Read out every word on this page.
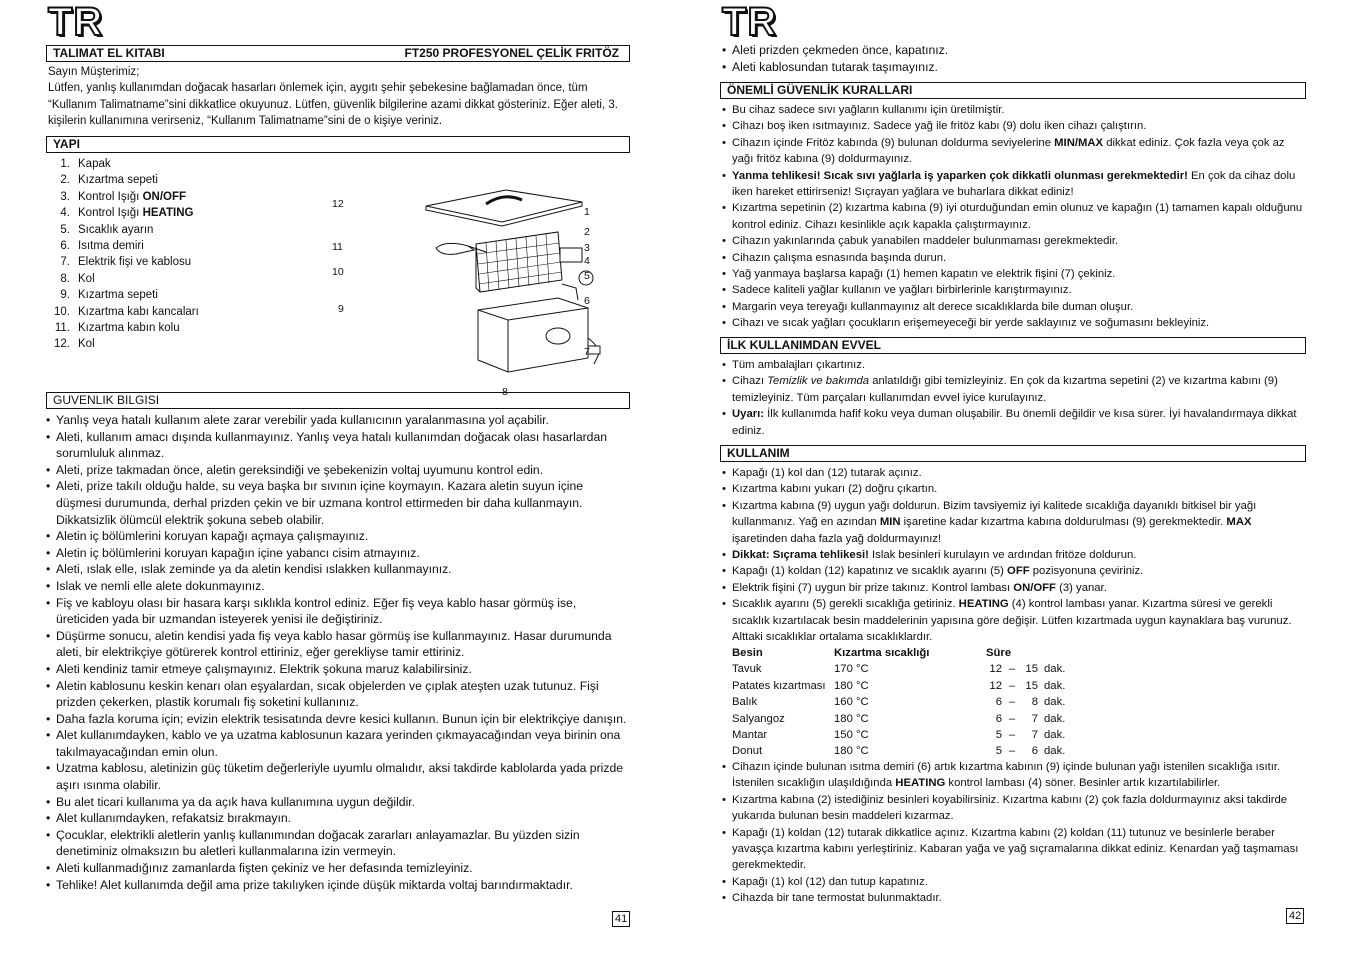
TR
TALIMAT EL KITABI	FT250 PROFESYONEL ÇELİK FRITÖZ
Sayın Müşterimiz;
Lütfen, yanlış kullanımdan doğacak hasarları önlemek için, aygıtı şehir şebekesine bağlamadan önce, tüm “Kullanım Talimatname”sini dikkatlice okuyunuz. Lütfen, güvenlik bilgilerine azami dikkat gösteriniz. Eğer aleti, 3. kişilerin kullanımına verirseniz, “Kullanım Talimatname”sini de o kişiye veriniz.
YAPI
1. Kapak
2. Kızartma sepeti
3. Kontrol Işığı ON/OFF
4. Kontrol Işığı HEATING
5. Sıcaklık ayarın
6. Isıtma demiri
7. Elektrik fişi ve kablosu
8. Kol
9. Kızartma sepeti
10. Kızartma kabı kancaları
11. Kızartma kabın kolu
12. Kol
12
1
2
3
4
5
11
10
6
9
7
8
GUVENLIK BILGISI
• Yanlış veya hatalı kullanım alete zarar verebilir yada kullanıcının yaralanmasına yol açabilir.
• Aleti, kullanım amacı dışında kullanmayınız. Yanlış veya hatalı kullanımdan doğacak olası hasarlardan sorumluluk alınmaz.
• Aleti, prize takmadan önce, aletin gereksindiği ve şebekenizin voltaj uyumunu kontrol edin.
• Aleti, prize takılı olduğu halde, su veya başka bır sıvının içine koymayın. Kazara aletin suyun içine düşmesi durumunda, derhal prizden çekin ve bir uzmana kontrol ettirmeden bir daha kullanmayın. Dikkatsizlik ölümcül elektrik şokuna sebeb olabilir.
• Aletin iç bölümlerini koruyan kapağı açmaya çalışmayınız.
• Aletin iç bölümlerini koruyan kapağın içine yabancı cisim atmayınız.
• Aleti, ıslak elle, ıslak zeminde ya da aletin kendisi ıslakken kullanmayınız.
• Islak ve nemli elle alete dokunmayınız.
• Fiş ve kabloyu olası bir hasara karşı sıklıkla kontrol ediniz. Eğer fiş veya kablo hasar görmüş ise, üreticiden yada bir uzmandan isteyerek yenisi ile değiştiriniz.
• Düşürme sonucu, aletin kendisi yada fiş veya kablo hasar görmüş ise kullanmayınız. Hasar durumunda aleti, bir elektrikçiye götürerek kontrol ettiriniz, eğer gerekliyse tamir ettiriniz.
• Aleti kendiniz tamir etmeye çalışmayınız. Elektrik şokuna maruz kalabilirsiniz.
• Aletin kablosunu keskin kenarı olan eşyalardan, sıcak objelerden ve çıplak ateşten uzak tutunuz. Fişi prizden çekerken, plastik korumalı fiş soketini kullanınız.
• Daha fazla koruma için; evizin elektrik tesisatında devre kesici kullanın. Bunun için bir elektrikçiye danışın.
• Alet kullanımdayken, kablo ve ya uzatma kablosunun kazara yerinden çıkmayacağından veya birinin ona takılmayacağından emin olun.
• Uzatma kablosu, aletinizin güç tüketim değerleriyle uyumlu olmalıdır, aksi takdirde kablolarda yada prizde aşırı ısınma olabilir.
• Bu alet ticari kullanıma ya da açık hava kullanımına uygun değildir.
• Alet kullanımdayken, refakatsiz bırakmayın.
• Çocuklar, elektrikli aletlerin yanlış kullanımından doğacak zararları anlayamazlar. Bu yüzden sizin denetiminiz olmaksızın bu aletleri kullanmalarına izin vermeyin.
• Aleti kullanmadığınız zamanlarda fişten çekiniz ve her defasında temizleyiniz.
• Tehlike! Alet kullanımda değil ama prize takılıyken içinde düşük miktarda voltaj barındırmaktadır.
41
TR
• Aleti prizden çekmeden önce, kapatınız.
• Aleti kablosundan tutarak taşımayınız.
ÖNEMLİ GÜVENLİK KURALLARI
• Bu cihaz sadece sıvı yağların kullanımı için üretilmiştir.
• Cihazı boş iken ısıtmayınız. Sadece yağ ile fritöz kabı (9) dolu iken cihazı çalıştırın.
• Cihazın içinde Fritöz kabında (9) bulunan doldurma seviyelerine MIN/MAX dikkat ediniz. Çok fazla veya çok az yağı fritöz kabına (9) doldurmayınız.
• Yanma tehlikesi! Sıcak sıvı yağlarla iş yaparken çok dikkatli olunması gerekmektedir! En çok da cihaz dolu iken hareket ettirirseniz! Sıçrayan yağlara ve buharlara dikkat ediniz!
• Kızartma sepetinin (2) kızartma kabına (9) iyi oturduğundan emin olunuz ve kapağın (1) tamamen kapalı olduğunu kontrol ediniz. Cihazı kesinlikle açık kapakla çalıştırmayınız.
• Cihazın yakınlarında çabuk yanabilen maddeler bulunmaması gerekmektedir.
• Cihazın çalışma esnasında başında durun.
• Yağ yanmaya başlarsa kapağı (1) hemen kapatın ve elektrik fişini (7) çekiniz.
• Sadece kaliteli yağlar kullanın ve yağları birbirlerinle karıştırmayınız.
• Margarin veya tereyağı kullanmayınız alt derece sıcaklıklarda bile duman oluşur.
• Cihazı ve sıcak yağları çocukların erişemeyeceği bir yerde saklayınız ve soğumasını bekleyiniz.
İLK KULLANIMDAN EVVEL
• Tüm ambalajları çıkartınız.
• Cihazı Temizlik ve bakımda anlatıldığı gibi temizleyiniz. En çok da kızartma sepetini (2) ve kızartma kabını (9) temizleyiniz. Tüm parçaları kullanımdan evvel iyice kurulayınız.
• Uyarı: İlk kullanımda hafif koku veya duman oluşabilir. Bu önemli değildir ve kısa sürer. İyi havalandırmaya dikkat ediniz.
KULLANIM
• Kapağı (1) kol dan (12) tutarak açınız.
• Kızartma kabını yukarı (2) doğru çıkartın.
• Kızartma kabına (9) uygun yağı doldurun. Bizim tavsiyemiz iyi kalitede sıcaklığa dayanıklı bitkisel bir yağı kullanmanız. Yağ en azından MIN işaretine kadar kızartma kabına doldurulması (9) gerekmektedir. MAX işaretinden daha fazla yağ doldurmayınız!
• Dikkat: Sıçrama tehlikesi! Islak besinleri kurulayın ve ardından fritöze doldurun.
• Kapağı (1) koldan (12) kapatınız ve sıcaklık ayarını (5) OFF pozisyonuna çeviriniz.
• Elektrik fişini (7) uygun bir prize takınız. Kontrol lambası ON/OFF (3) yanar.
• Sıcaklık ayarını (5) gerekli sıcaklığa getiriniz. HEATING (4) kontrol lambası yanar. Kızartma süresi ve gerekli sıcaklık kızartılacak besin maddelerinin yapısına göre değişir. Lütfen kızartmada uygun kaynaklara baş vurunuz. Alttaki sıcaklıklar ortalama sıcaklıklardır.
Besin	Kızartma sıcaklığı	Süre			
Tavuk	170 °C	12	–	15	dak.
Patates kızartması	180 °C	12	–	15	dak.
Balık	160 °C	6	–	8	dak.
Salyangoz	180 °C	6	–	7	dak.
Mantar	150 °C	5	–	7	dak.
Donut	180 °C	5	–	6	dak.
• Cihazın içinde bulunan ısıtma demiri (6) artık kızartma kabının (9) içinde bulunan yağı istenilen sıcaklığa ısıtır. İstenilen sıcaklığın ulaşıldığında HEATING kontrol lambası (4) söner. Besinler artık kızartılabilirler.
• Kızartma kabına (2) istediğiniz besinleri koyabilirsiniz. Kızartma kabını (2) çok fazla doldurmayınız aksi takdirde yukarıda bulunan besin maddeleri kızarmaz.
• Kapağı (1) koldan (12) tutarak dikkatlice açınız. Kızartma kabını (2) koldan (11) tutunuz ve besinlerle beraber yavaşça kızartma kabını yerleştiriniz. Kabaran yağa ve yağ sıçramalarına dikkat ediniz. Kenardan yağ taşmaması gerekmektedir.
• Kapağı (1) kol (12) dan tutup kapatınız.
• Cihazda bir tane termostat bulunmaktadır.
42
